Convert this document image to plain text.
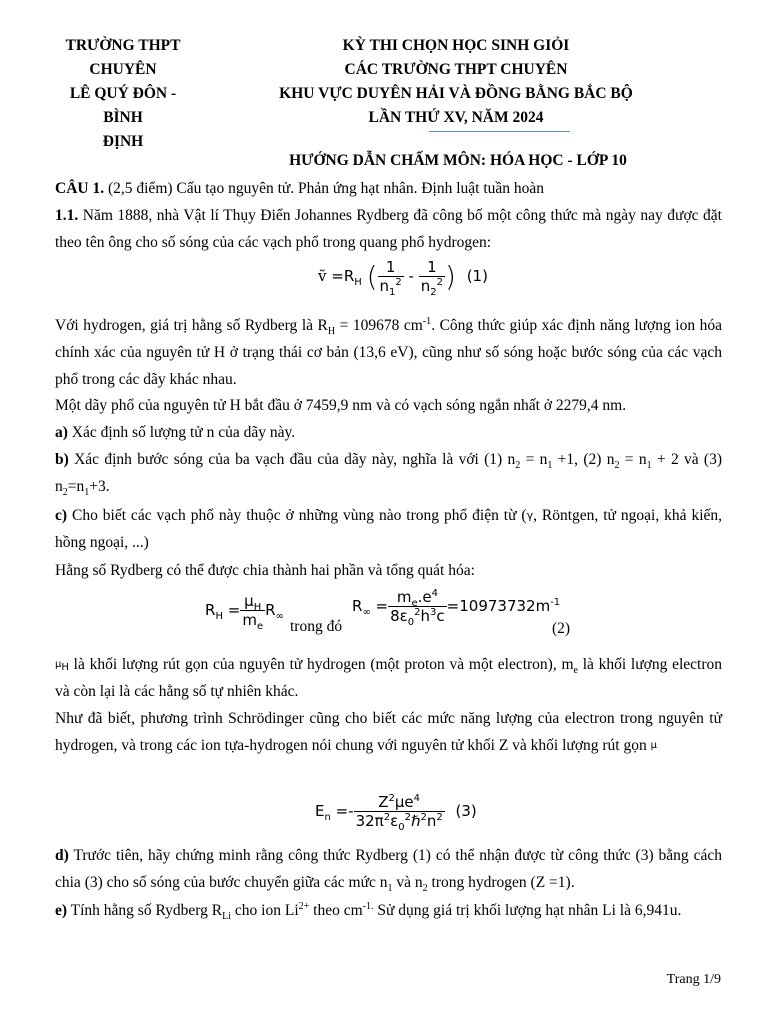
TRƯỜNG THPT
CHUYÊN
LÊ QUÝ ĐÔN - BÌNH
ĐỊNH
KỲ THI CHỌN HỌC SINH GIỎI
CÁC TRƯỜNG THPT CHUYÊN
KHU VỰC DUYÊN HẢI VÀ ĐỒNG BẰNG BẮC BỘ
LẦN THỨ XV, NĂM 2024
HƯỚNG DẪN CHẤM MÔN: HÓA HỌC - LỚP 10
CÂU 1. (2,5 điểm) Cấu tạo nguyên tử. Phản ứng hạt nhân. Định luật tuần hoàn
1.1. Năm 1888, nhà Vật lí Thụy Điển Johannes Rydberg đã công bố một công thức mà ngày nay được đặt theo tên ông cho số sóng của các vạch phổ trong quang phổ hydrogen:
ṽ $=R_H$ ( $\frac{1}{n_1^2} - \frac{1}{n_2^2}$ ) (1)
Với hydrogen, giá trị hằng số Rydberg là $R_H = 109678$ $cm^{-1}$. Công thức giúp xác định năng lượng ion hóa chính xác của nguyên tử H ở trạng thái cơ bản (13,6 eV), cũng như số sóng hoặc bước sóng của các vạch phổ trong các dãy khác nhau.
Một dãy phổ của nguyên tử H bắt đầu ở 7459,9 nm và có vạch sóng ngắn nhất ở 2279,4 nm.
a) Xác định số lượng tử n của dãy này.
b) Xác định bước sóng của ba vạch đầu của dãy này, nghĩa là với (1) $n_2 = n_1 +1$, (2) $n_2 = n_1 + 2$ và (3) $n_2=n_1+3$.
c) Cho biết các vạch phổ này thuộc ở những vùng nào trong phổ điện từ ($^\gamma$, Röntgen, tử ngoại, khả kiến, hồng ngoại, ...)
Hằng số Rydberg có thể được chia thành hai phần và tổng quát hóa:
$R_H = \frac{\mu_H}{m_e} R_\infty$
trong đó
$R_\infty = \frac{m_e.e^4}{8\varepsilon_0^2h^3c} =10973732m^{-1}$
(2)
$^{\mu_H}$ là khối lượng rút gọn của nguyên tử hydrogen (một proton và một electron), $m_e$ là khối lượng electron và còn lại là các hằng số tự nhiên khác.
Như đã biết, phương trình Schrödinger cũng cho biết các mức năng lượng của electron trong nguyên tử hydrogen, và trong các ion tựa-hydrogen nói chung với nguyên tử khối Z và khối lượng rút gọn $^\mu$
$E_n =- \frac{Z^2\mu e^4}{32\pi^2\varepsilon_0^2\hbar^2n^2} (3)$
d) Trước tiên, hãy chứng minh rằng công thức Rydberg (1) có thể nhận được từ công thức (3) bằng cách chia (3) cho số sóng của bước chuyển giữa các mức $n_1$ và $n_2$ trong hydrogen (Z =1).
e) Tính hằng số Rydberg $R_{Li}$ cho ion $Li^{2+}$ theo $cm^{-1.}$ Sử dụng giá trị khối lượng hạt nhân Li là 6,941u.
Trang 1/9
